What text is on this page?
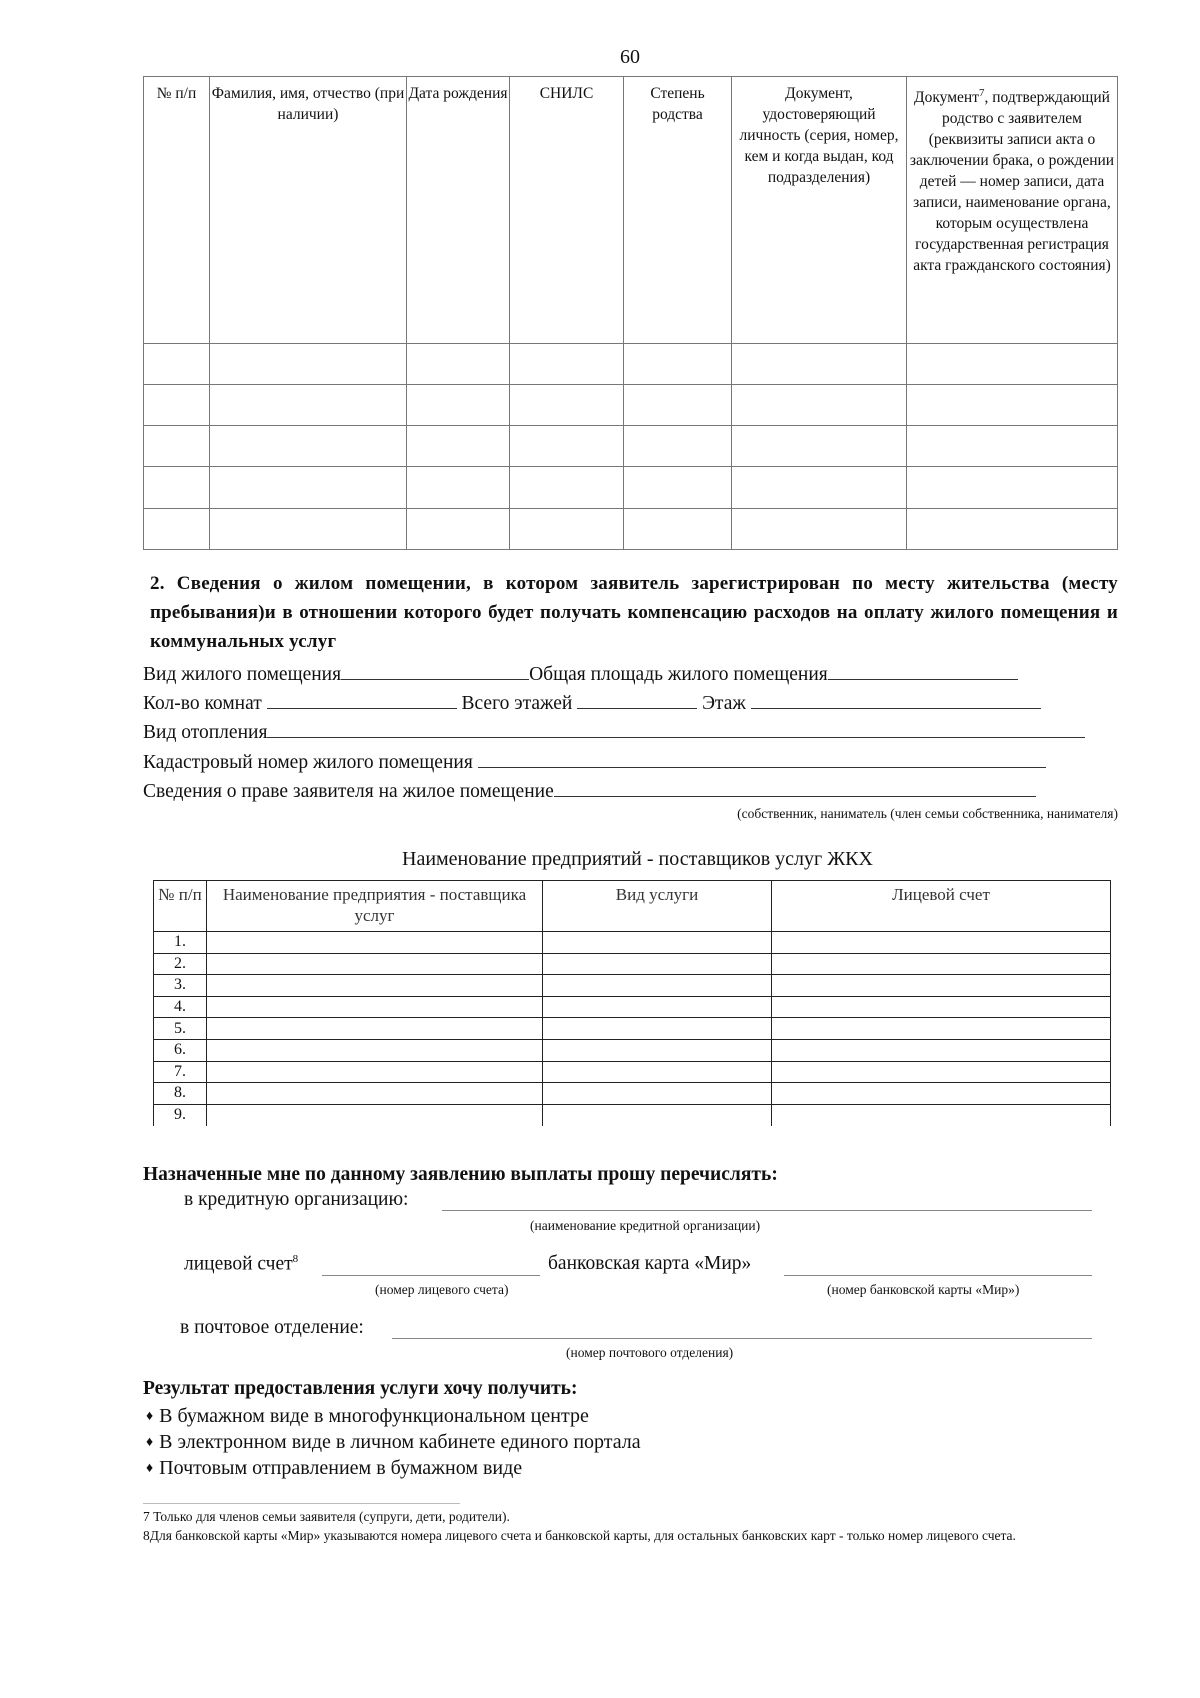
60
№ п/п	Фамилия, имя, отчество (при наличии)	Дата рождения	СНИЛС	Степень родства	Документ, удостоверяющий личность (серия, номер, кем и когда выдан, код подразделения)	Документ$^7$, подтверждающий родство с заявителем (реквизиты записи акта о заключении брака, о рождении детей — номер записи, дата записи, наименование органа, которым осуществлена государственная регистрация акта гражданского состояния)

2. Сведения о жилом помещении, в котором заявитель зарегистрирован по месту жительства (месту пребывания)и в отношении которого будет получать компенсацию расходов на оплату жилого помещения и коммунальных услуг
Вид жилого помещения	Общая площадь жилого помещения
Кол-во комнат	Всего этажей	Этаж
Вид отопления
Кадастровый номер жилого помещения
Сведения о праве заявителя на жилое помещение
(собственник, наниматель (член семьи собственника, нанимателя)
Наименование предприятий - поставщиков услуг ЖКХ
№ п/п	Наименование предприятия - поставщика услуг	Вид услуги	Лицевой счет
1.			
2.			
3.			
4.			
5.			
6.			
7.			
8.			
9.			
Назначенные мне по данному заявлению выплаты прошу перечислять:
в кредитную организацию:
(наименование кредитной организации)
лицевой счет$^8$	банковская карта «Мир»
(номер лицевого счета)	(номер банковской карты «Мир»)
в почтовое отделение:
(номер почтового отделения)
Результат предоставления услуги хочу получить:
♦ В бумажном виде в многофункциональном центре
♦ В электронном виде в личном кабинете единого портала
♦ Почтовым отправлением в бумажном виде
7 Только для членов семьи заявителя (супруги, дети, родители).
8Для банковской карты «Мир» указываются номера лицевого счета и банковской карты, для остальных банковских карт - только номер лицевого счета.
